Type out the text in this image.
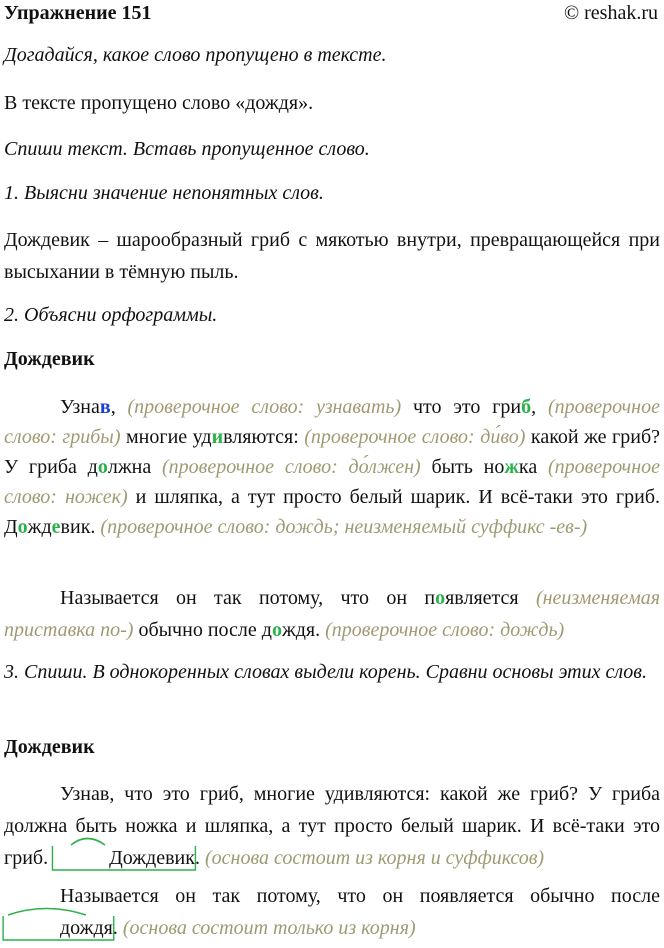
Упражнение 151	© reshak.ru

Догадайся, какое слово пропущено в тексте.

В тексте пропущено слово «дождя».

Спиши текст. Вставь пропущенное слово.

1. Выясни значение непонятных слов.

Дождевик – шарообразный гриб с мякотью внутри, превращающейся при высыхании в тёмную пыль.

2. Объясни орфограммы.

Дождевик

Узнав, (проверочное слово: узнавать) что это гриб, (проверочное слово: грибы) многие удивляются: (проверочное слово: ди́во) какой же гриб? У гриба должна (проверочное слово: до́лжен) быть ножка (проверочное слово: ножек) и шляпка, а тут просто белый шарик. И всё-таки это гриб. Дождевик. (проверочное слово: дождь; неизменяемый суффикс -ев-)

Называется он так потому, что он появляется (неизменяемая приставка по-) обычно после дождя. (проверочное слово: дождь)

3. Спиши. В однокоренных словах выдели корень. Сравни основы этих слов.

Дождевик

Узнав, что это гриб, многие удивляются: какой же гриб? У гриба должна быть ножка и шляпка, а тут просто белый шарик. И всё-таки это гриб.	Дождевик
. (основа состоит из корня и суффиксов)

Называется он так потому, что он появляется обычно после
дождя
. (основа состоит только из корня)
